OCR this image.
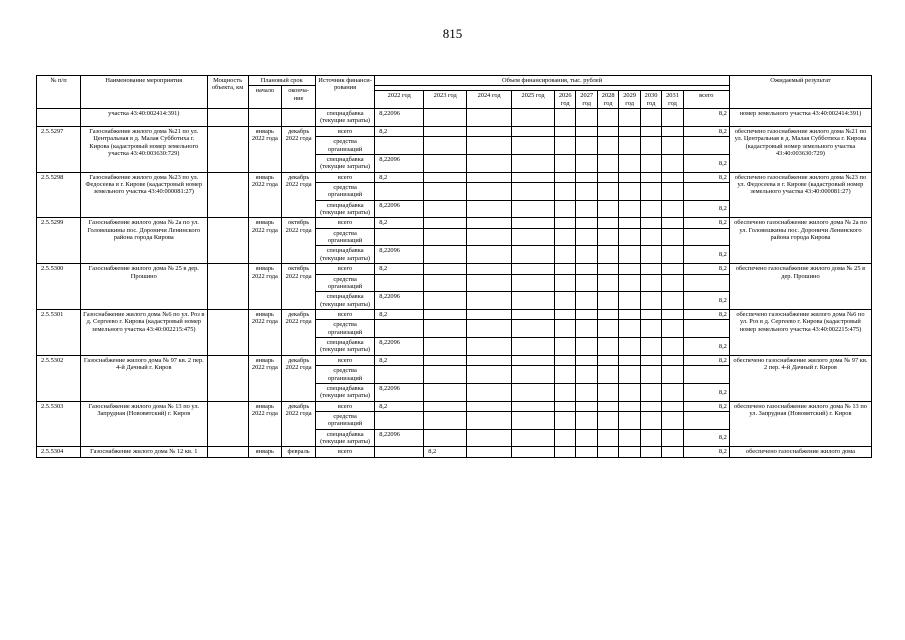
815
№ п/п	Наименование мероприятия	Мощность объекта, км	Плановый срок		Источник финанси-рования	Объем финансирования, тыс. рублей											Ожидаемый результат
			начало	оконча-ние													
						2022 год	2023 год	2024 год	2025 год	2026 год	2027 год	2028 год	2029 год	2030 год	2031 год	всего	
	участка 43:40:002414:391)				спецнадбавка (текущие затраты)	8,22096										8,2	номер земельного участка 43:40:002414:391)
2.5.5297	Газоснабжение жилого дома №21 по ул. Центральная в д. Малая Субботиха г. Кирова (кадастровый номер земельного участка 43:40:003630:729)		январь 2022 года	декабрь 2022 года	всего	8,2										8,2	обеспечено газоснабжение жилого дома №21 по ул. Центральная в д. Малая Субботиха г. Кирова (кадастровый номер земельного участка 43:40:003630:729)
					средства организаций												
					спецнадбавка (текущие затраты)	8,22096										8,2	
2.5.5298	Газоснабжение жилого дома №23 по ул. Федосеева в г. Кирове (кадастровый номер земельного участка 43:40:000081:27)		январь 2022 года	декабрь 2022 года	всего	8,2										8,2	обеспечено газоснабжение жилого дома №23 по ул. Федосеева в г. Кирове (кадастровый номер земельного участка 43:40:000081:27)
					средства организаций												
					спецнадбавка (текущие затраты)	8,22096										8,2	
2.5.5299	Газоснабжение жилого дома № 2а по ул. Головешкины пос. Дороничи Ленинского района города Кирова		январь 2022 года	октябрь 2022 года	всего	8,2										8,2	обеспечено газоснабжение жилого дома № 2а по ул. Головешкины пос. Дороничи Ленинского района города Кирова
					средства организаций												
					спецнадбавка (текущие затраты)	8,22096										8,2	
2.5.5300	Газоснабжение жилого дома № 25 в дер. Прошино		январь 2022 года	октябрь 2022 года	всего	8,2										8,2	обеспечено газоснабжение жилого дома № 25 в дер. Прошино
					средства организаций												
					спецнадбавка (текущие затраты)	8,22096										8,2	
2.5.5301	Газоснабжение жилого дома №6 по ул. Роз в д. Сергеево г. Кирова (кадастровый номер земельного участка 43:40:002215:475)		январь 2022 года	декабрь 2022 года	всего	8,2										8,2	обеспечено газоснабжение жилого дома №6 по ул. Роз в д. Сергеево г. Кирова (кадастровый номер земельного участка 43:40:002215:475)
					средства организаций												
					спецнадбавка (текущие затраты)	8,22096										8,2	
2.5.5302	Газоснабжение жилого дома № 97 кв. 2 пер. 4-й Дачный г. Киров		январь 2022 года	декабрь 2022 года	всего	8,2										8,2	обеспечено газоснабжение жилого дома № 97 кв. 2 пер. 4-й Дачный г. Киров
					средства организаций												
					спецнадбавка (текущие затраты)	8,22096										8,2	
2.5.5303	Газоснабжение жилого дома № 13 по ул. Запрудная (Нововятский) г. Киров		январь 2022 года	декабрь 2022 года	всего	8,2										8,2	обеспечено газоснабжение жилого дома № 13 по ул. Запрудная (Нововятский) г. Киров
					средства организаций												
					спецнадбавка (текущие затраты)	8,22096										8,2	
2.5.5304	Газоснабжение жилого дома № 12 кв. 1		январь	февраль	всего		8,2									8,2	обеспечено газоснабжение жилого дома
